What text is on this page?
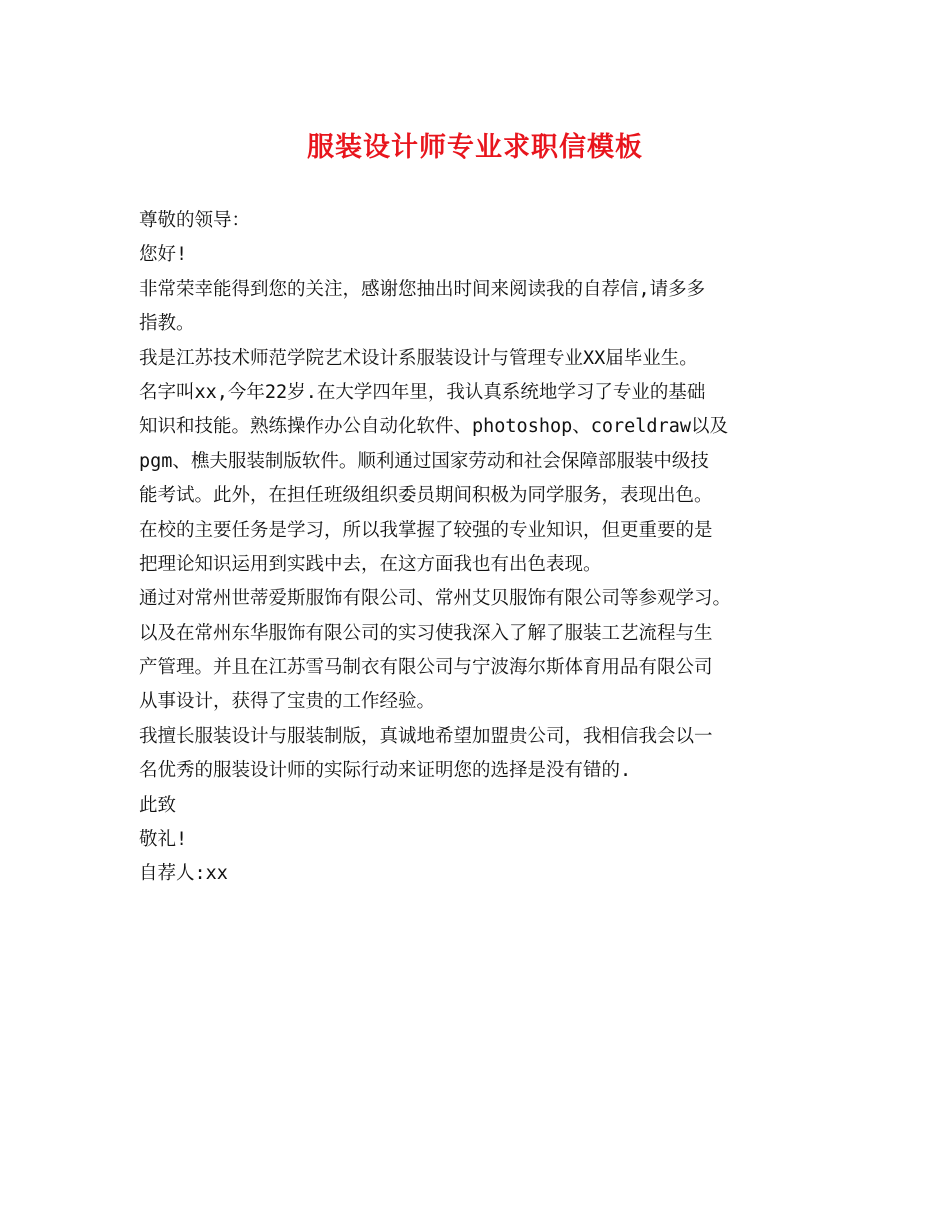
服装设计师专业求职信模板
尊敬的领导：
您好!
非常荣幸能得到您的关注，感谢您抽出时间来阅读我的自荐信,请多多
指教。
我是江苏技术师范学院艺术设计系服装设计与管理专业XX届毕业生。
名字叫xx,今年22岁.在大学四年里，我认真系统地学习了专业的基础
知识和技能。熟练操作办公自动化软件、photoshop、coreldraw以及
pgm、樵夫服装制版软件。顺利通过国家劳动和社会保障部服装中级技
能考试。此外，在担任班级组织委员期间积极为同学服务，表现出色。
在校的主要任务是学习，所以我掌握了较强的专业知识，但更重要的是
把理论知识运用到实践中去，在这方面我也有出色表现。
通过对常州世蒂爱斯服饰有限公司、常州艾贝服饰有限公司等参观学习。
以及在常州东华服饰有限公司的实习使我深入了解了服装工艺流程与生
产管理。并且在江苏雪马制衣有限公司与宁波海尔斯体育用品有限公司
从事设计，获得了宝贵的工作经验。
我擅长服装设计与服装制版，真诚地希望加盟贵公司，我相信我会以一
名优秀的服装设计师的实际行动来证明您的选择是没有错的.
此致
敬礼!
自荐人:xx
